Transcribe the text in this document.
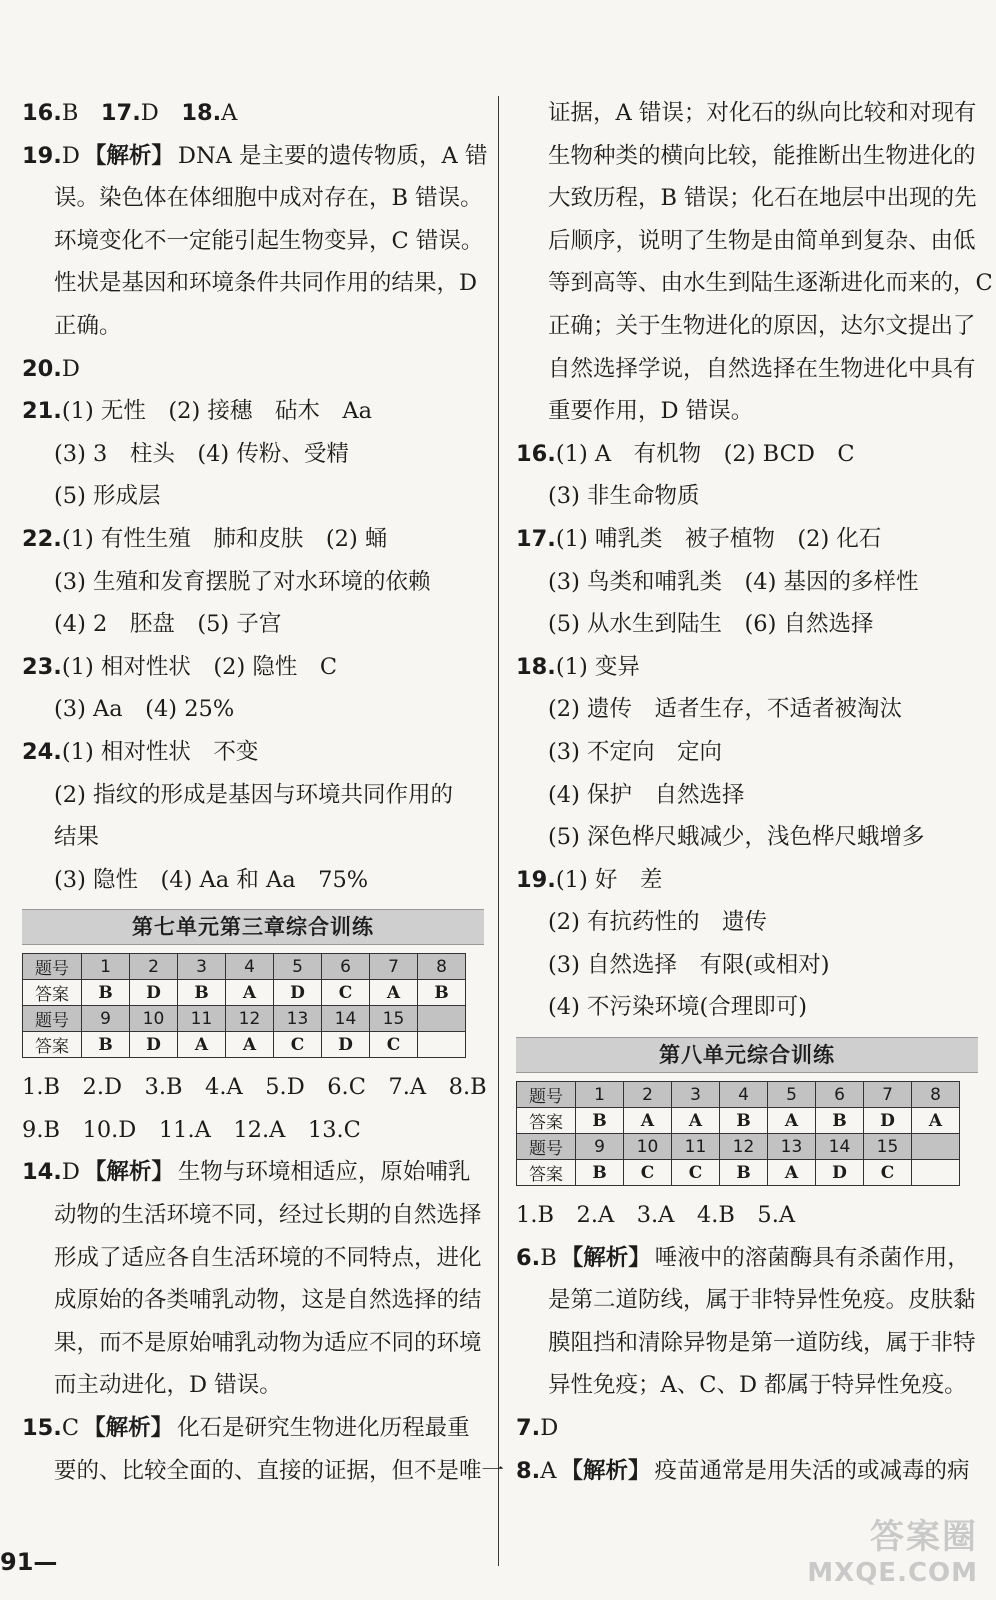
16.B　17.D　18.A
19.D 【解析】 DNA 是主要的遗传物质，A 错
误。染色体在体细胞中成对存在，B 错误。
环境变化不一定能引起生物变异，C 错误。
性状是基因和环境条件共同作用的结果，D
正确。
20.D
21.(1) 无性　(2) 接穗　砧木　Aa
(3) 3　柱头　(4) 传粉、受精
(5) 形成层
22.(1) 有性生殖　肺和皮肤　(2) 蛹
(3) 生殖和发育摆脱了对水环境的依赖
(4) 2　胚盘　(5) 子宫
23.(1) 相对性状　(2) 隐性　C
(3) Aa　(4) 25%
24.(1) 相对性状　不变
(2) 指纹的形成是基因与环境共同作用的
结果
(3) 隐性　(4) Aa 和 Aa　75%
第七单元第三章综合训练
题号	1	2	3	4	5	6	7	8
答案	B	D	B	A	D	C	A	B
题号	9	10	11	12	13	14	15	
答案	B	D	A	A	C	D	C	
1.B　2.D　3.B　4.A　5.D　6.C　7.A　8.B
9.B　10.D　11.A　12.A　13.C
14.D 【解析】 生物与环境相适应，原始哺乳
动物的生活环境不同，经过长期的自然选择
形成了适应各自生活环境的不同特点，进化
成原始的各类哺乳动物，这是自然选择的结
果，而不是原始哺乳动物为适应不同的环境
而主动进化，D 错误。
15.C 【解析】 化石是研究生物进化历程最重
要的、比较全面的、直接的证据，但不是唯一
证据，A 错误；对化石的纵向比较和对现有
生物种类的横向比较，能推断出生物进化的
大致历程，B 错误；化石在地层中出现的先
后顺序，说明了生物是由简单到复杂、由低
等到高等、由水生到陆生逐渐进化而来的，C
正确；关于生物进化的原因，达尔文提出了
自然选择学说，自然选择在生物进化中具有
重要作用，D 错误。
16.(1) A　有机物　(2) BCD　C
(3) 非生命物质
17.(1) 哺乳类　被子植物　(2) 化石
(3) 鸟类和哺乳类　(4) 基因的多样性
(5) 从水生到陆生　(6) 自然选择
18.(1) 变异
(2) 遗传　适者生存，不适者被淘汰
(3) 不定向　定向
(4) 保护　自然选择
(5) 深色桦尺蛾减少，浅色桦尺蛾增多
19.(1) 好　差
(2) 有抗药性的　遗传
(3) 自然选择　有限(或相对)
(4) 不污染环境(合理即可)
第八单元综合训练
题号	1	2	3	4	5	6	7	8
答案	B	A	A	B	A	B	D	A
题号	9	10	11	12	13	14	15	
答案	B	C	C	B	A	D	C	
1.B　2.A　3.A　4.B　5.A
6.B 【解析】 唾液中的溶菌酶具有杀菌作用，
是第二道防线，属于非特异性免疫。皮肤黏
膜阻挡和清除异物是第一道防线，属于非特
异性免疫；A、C、D 都属于特异性免疫。
7.D
8.A 【解析】 疫苗通常是用失活的或减毒的病
91—
答案圈
MXQE.COM
